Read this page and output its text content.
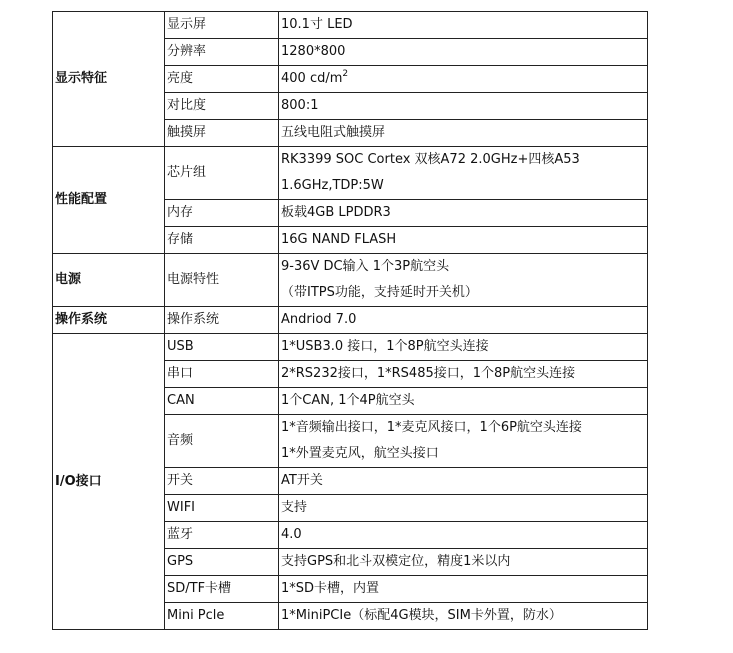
显示特征	显示屏	10.1寸 LED
	分辨率	1280*800
	亮度	400 $cd/m^2$
	对比度	800:1
	触摸屏	五线电阻式触摸屏
性能配置	芯片组	RK3399 SOC Cortex 双核A72 2.0GHz+四核A53
1.6GHz,TDP:5W

	内存	板载4GB LPDDR3
	存储	16G NAND FLASH
电源	电源特性	9-36V DC输入 1个3P航空头
（带ITPS功能，支持延时开关机）

操作系统	操作系统	Andriod 7.0
I/O接口	USB	1*USB3.0 接口，1个8P航空头连接
	串口	2*RS232接口，1*RS485接口，1个8P航空头连接
	CAN	1个CAN, 1个4P航空头
	音频	1*音频输出接口，1*麦克风接口，1个6P航空头连接
1*外置麦克风，航空头接口

	开关	AT开关
	WIFI	支持
	蓝牙	4.0
	GPS	支持GPS和北斗双模定位，精度1米以内
	SD/TF卡槽	1*SD卡槽，内置
	Mini Pcle	1*MiniPCIe（标配4G模块，SIM卡外置，防水）
